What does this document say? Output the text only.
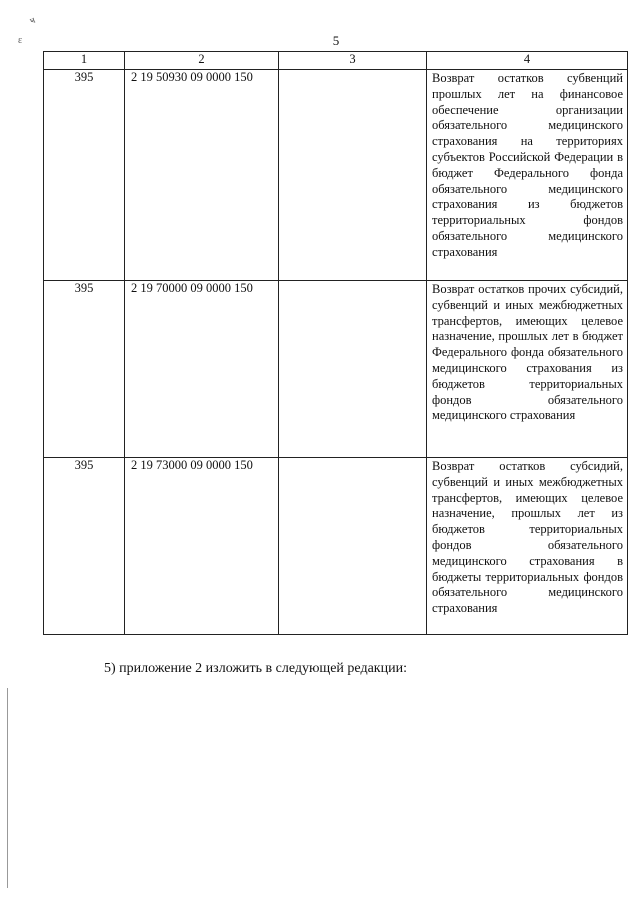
5
ҹ
ɛ
1	2	3	4
395	2 19 50930 09 0000 150		Возврат остатков субвенций прошлых лет на финансовое обеспечение организации обязательного медицинского страхования на территориях субъектов Российской Федерации в бюджет Федерального фонда обязательного медицинского страхования из бюджетов территориальных фондов обязательного медицинского страхования
395	2 19 70000 09 0000 150		Возврат остатков прочих субсидий, субвенций и иных межбюджетных трансфертов, имеющих целевое назначение, прошлых лет в бюджет Федерального фонда обязательного медицинского страхования из бюджетов территориальных фондов обязательного медицинского страхования
395	2 19 73000 09 0000 150		Возврат остатков субсидий, субвенций и иных межбюджетных трансфертов, имеющих целевое назначение, прошлых лет из бюджетов территориальных фондов обязательного медицинского страхования в бюджеты территориальных фондов обязательного медицинского страхования
5) приложение 2 изложить в следующей редакции:
